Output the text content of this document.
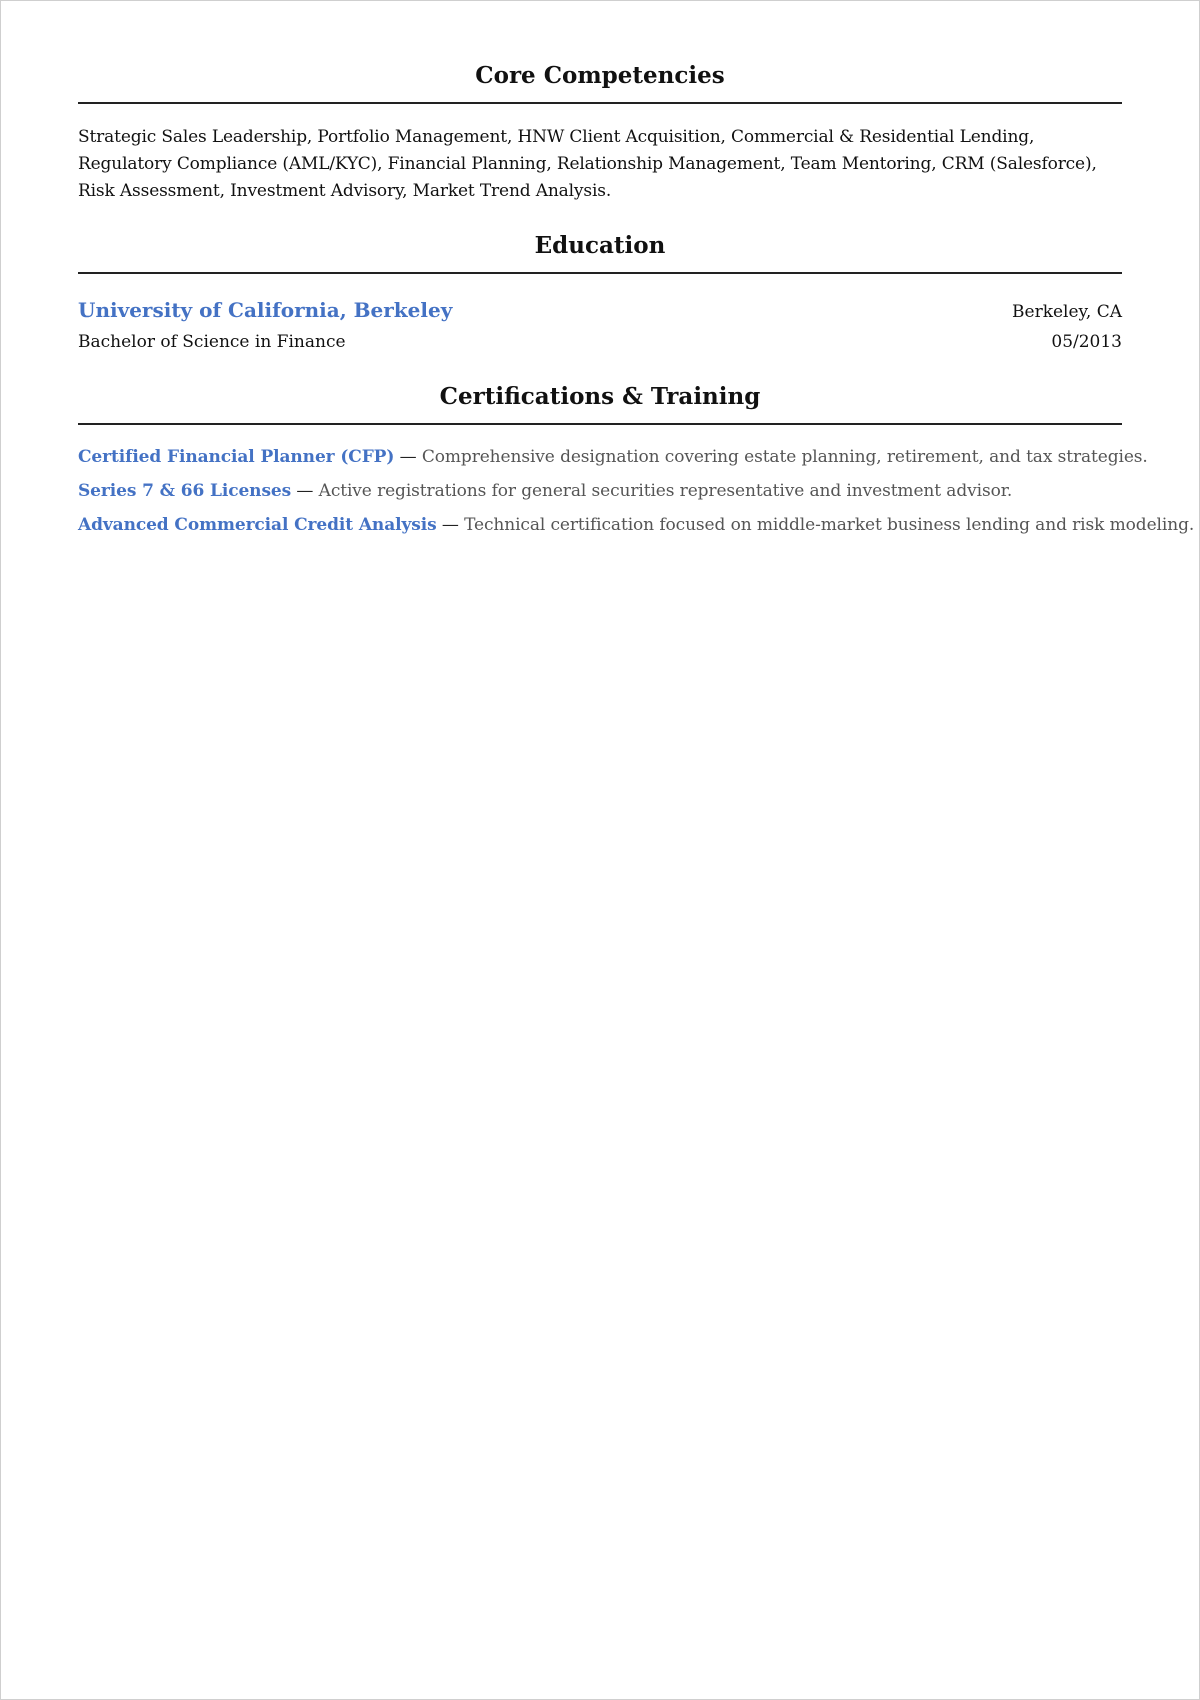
Core Competencies

Strategic Sales Leadership, Portfolio Management, HNW Client Acquisition, Commercial & Residential Lending, Regulatory Compliance (AML/KYC), Financial Planning, Relationship Management, Team Mentoring, CRM (Salesforce), Risk Assessment, Investment Advisory, Market Trend Analysis.

Education
University of California, Berkeley	Berkeley, CA
Bachelor of Science in Finance	05/2013
Certifications & Training
Certified Financial Planner (CFP) — Comprehensive designation covering estate planning, retirement, and tax strategies.
Series 7 & 66 Licenses — Active registrations for general securities representative and investment advisor.
Advanced Commercial Credit Analysis — Technical certification focused on middle-market business lending and risk modeling.
